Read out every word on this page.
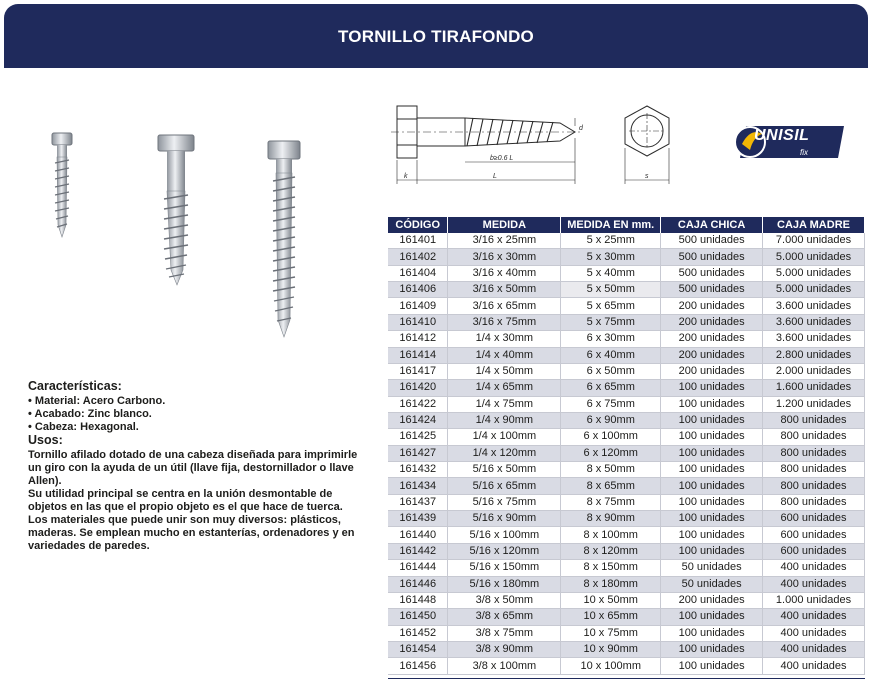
TORNILLO TIRAFONDO
b≥0.6 L
d
k	L	s
UNISIL
fix
Características:
• Material: Acero Carbono.
• Acabado: Zinc blanco.
• Cabeza: Hexagonal.
Usos:

Tornillo afilado dotado de una cabeza diseñada para imprimirle un giro con la ayuda de un útil (llave fija, destornillador o llave Allen).

Su utilidad principal se centra en la unión desmontable de objetos en las que el propio objeto es el que hace de tuerca.

Los materiales que puede unir son muy diversos: plásticos, maderas. Se emplean mucho en estanterías, ordenadores y en variedades de paredes.

CÓDIGO	MEDIDA	MEDIDA EN mm.	CAJA CHICA	CAJA MADRE
161401	3/16 x 25mm	5 x 25mm	500 unidades	7.000 unidades
161402	3/16 x 30mm	5 x 30mm	500 unidades	5.000 unidades
161404	3/16 x 40mm	5 x 40mm	500 unidades	5.000 unidades
161406	3/16 x 50mm	5 x 50mm	500 unidades	5.000 unidades
161409	3/16 x 65mm	5 x 65mm	200 unidades	3.600 unidades
161410	3/16 x 75mm	5 x 75mm	200 unidades	3.600 unidades
161412	1/4 x 30mm	6 x 30mm	200 unidades	3.600 unidades
161414	1/4 x 40mm	6 x 40mm	200 unidades	2.800 unidades
161417	1/4 x 50mm	6 x 50mm	200 unidades	2.000 unidades
161420	1/4 x 65mm	6 x 65mm	100 unidades	1.600 unidades
161422	1/4 x 75mm	6 x 75mm	100 unidades	1.200 unidades
161424	1/4 x 90mm	6 x 90mm	100 unidades	800 unidades
161425	1/4 x 100mm	6 x 100mm	100 unidades	800 unidades
161427	1/4 x 120mm	6 x 120mm	100 unidades	800 unidades
161432	5/16 x 50mm	8 x 50mm	100 unidades	800 unidades
161434	5/16 x 65mm	8 x 65mm	100 unidades	800 unidades
161437	5/16 x 75mm	8 x 75mm	100 unidades	800 unidades
161439	5/16 x 90mm	8 x 90mm	100 unidades	600 unidades
161440	5/16 x 100mm	8 x 100mm	100 unidades	600 unidades
161442	5/16 x 120mm	8 x 120mm	100 unidades	600 unidades
161444	5/16 x 150mm	8 x 150mm	50 unidades	400 unidades
161446	5/16 x 180mm	8 x 180mm	50 unidades	400 unidades
161448	3/8 x 50mm	10 x 50mm	200 unidades	1.000 unidades
161450	3/8 x 65mm	10 x 65mm	100 unidades	400 unidades
161452	3/8 x 75mm	10 x 75mm	100 unidades	400 unidades
161454	3/8 x 90mm	10 x 90mm	100 unidades	400 unidades
161456	3/8 x 100mm	10 x 100mm	100 unidades	400 unidades
